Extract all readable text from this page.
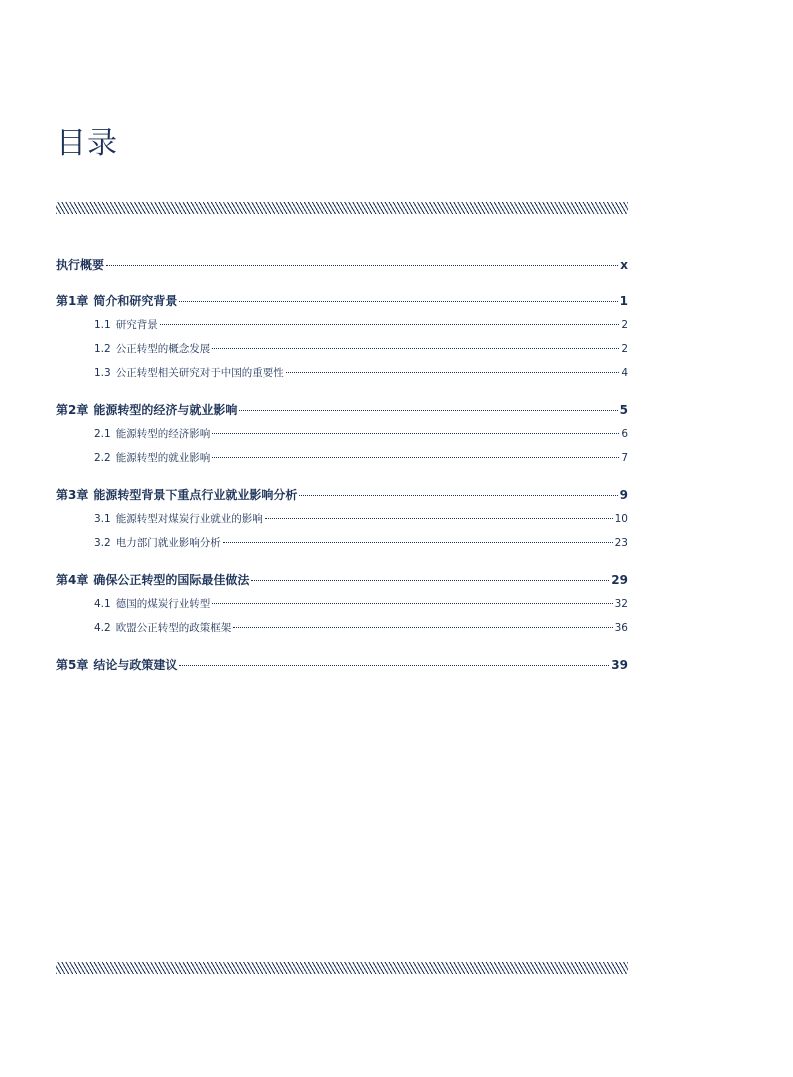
目录
执行概要	x
第1章 简介和研究背景	1
1.1 研究背景	2
1.2 公正转型的概念发展	2
1.3 公正转型相关研究对于中国的重要性	4
第2章 能源转型的经济与就业影响	5
2.1 能源转型的经济影响	6
2.2 能源转型的就业影响	7
第3章 能源转型背景下重点行业就业影响分析	9
3.1 能源转型对煤炭行业就业的影响	10
3.2 电力部门就业影响分析	23
第4章 确保公正转型的国际最佳做法	29
4.1 德国的煤炭行业转型	32
4.2 欧盟公正转型的政策框架	36
第5章 结论与政策建议	39
